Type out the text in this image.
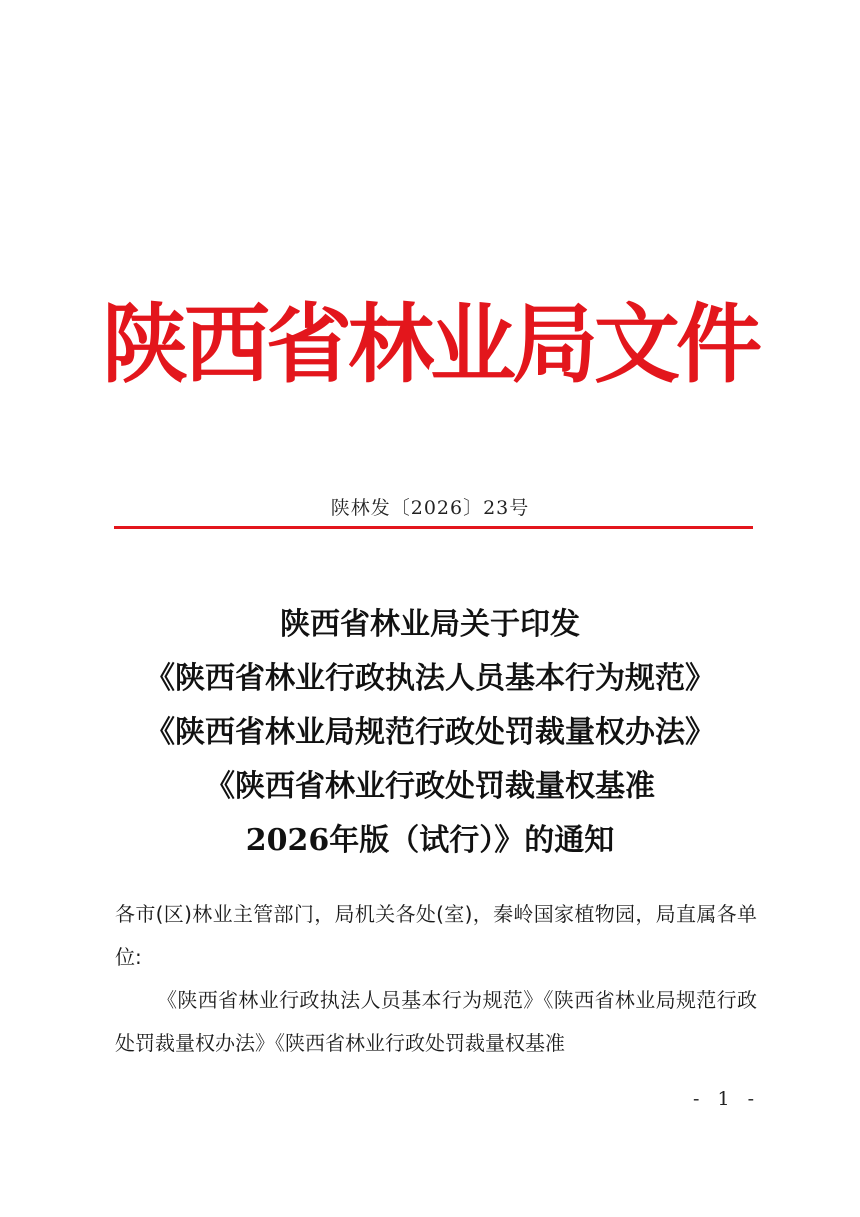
陕西省林业局文件
陕林发〔2026〕23号
陕西省林业局关于印发
《陕西省林业行政执法人员基本行为规范》
《陕西省林业局规范行政处罚裁量权办法》
《陕西省林业行政处罚裁量权基准
2026年版（试行）》的通知

各市(区)林业主管部门，局机关各处(室)，秦岭国家植物园，局直属各单位:

《陕西省林业行政执法人员基本行为规范》《陕西省林业局规范行政处罚裁量权办法》《陕西省林业行政处罚裁量权基准

- 1 -
